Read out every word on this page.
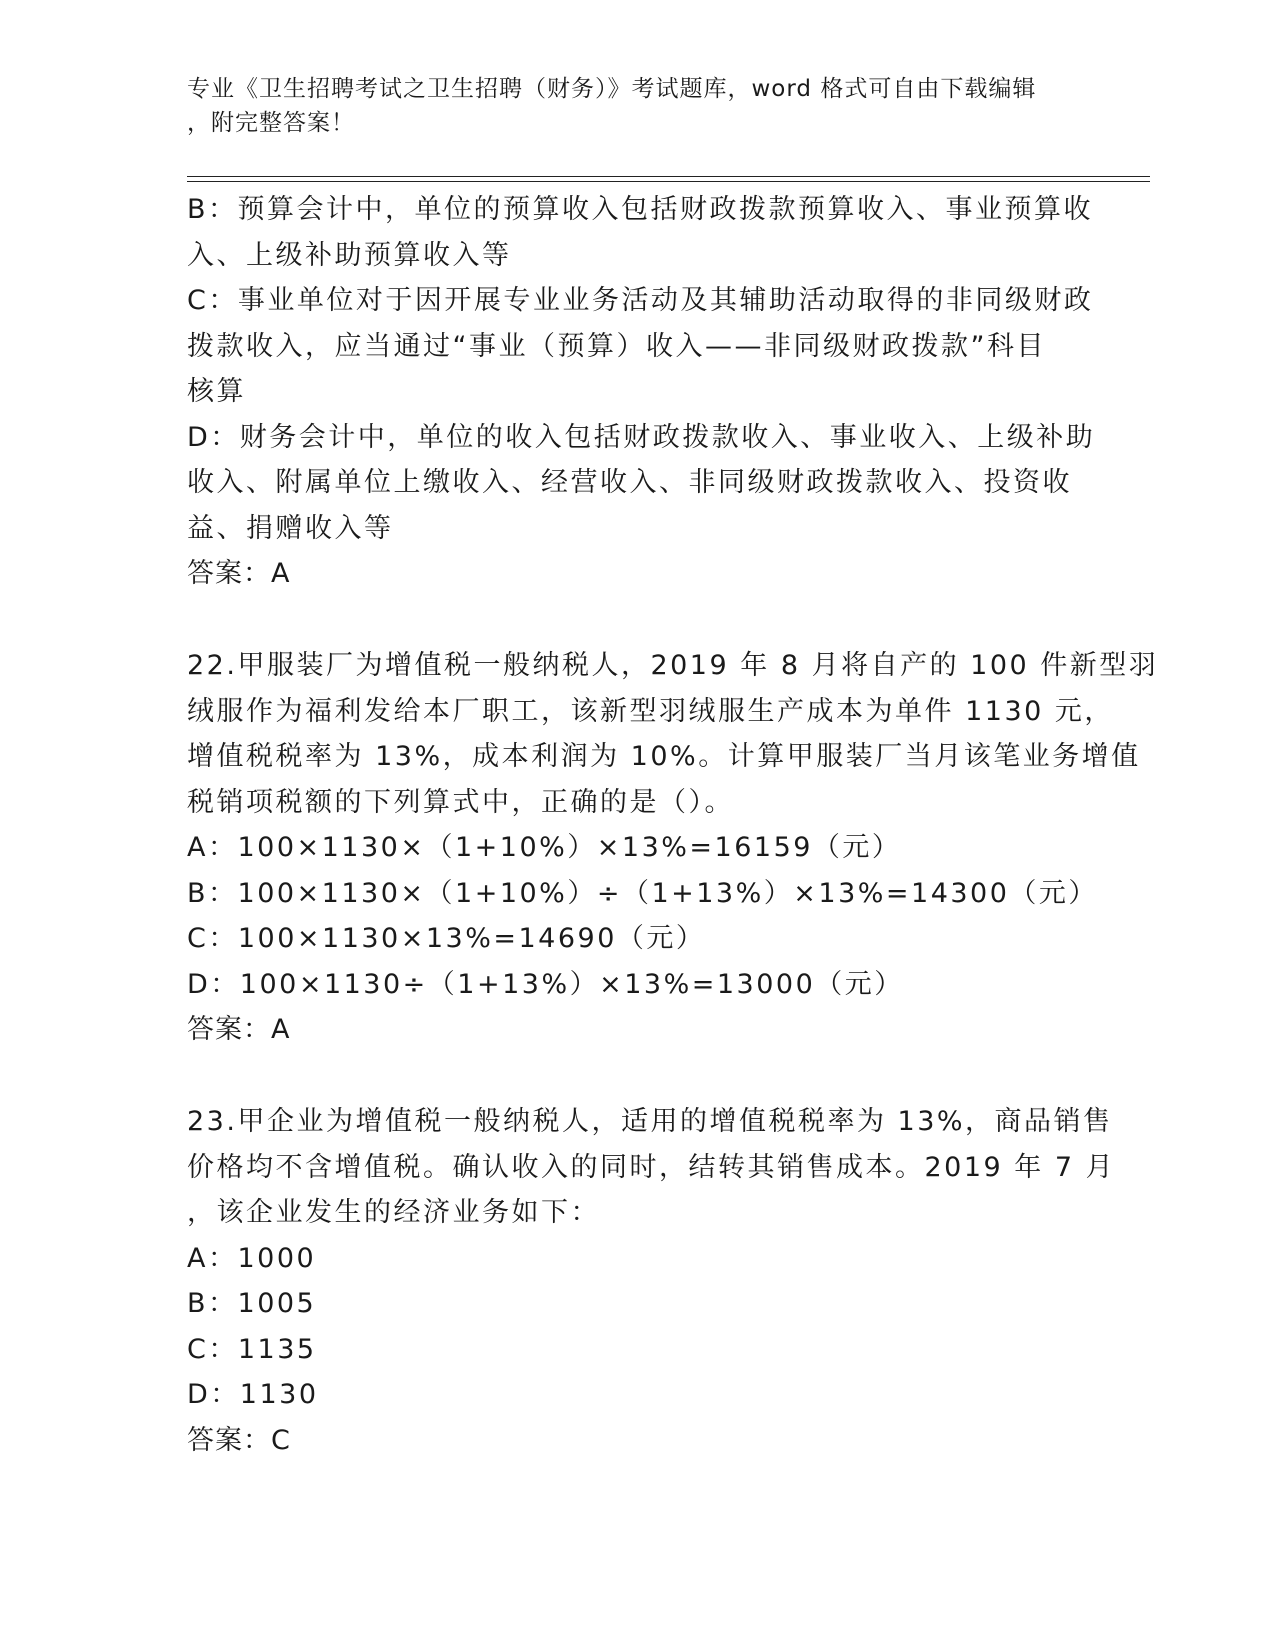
专业《卫生招聘考试之卫生招聘（财务）》考试题库，word 格式可自由下载编辑
，附完整答案！
B：预算会计中，单位的预算收入包括财政拨款预算收入、事业预算收
入、上级补助预算收入等
C：事业单位对于因开展专业业务活动及其辅助活动取得的非同级财政
拨款收入，应当通过“事业（预算）收入——非同级财政拨款”科目
核算
D：财务会计中，单位的收入包括财政拨款收入、事业收入、上级补助
收入、附属单位上缴收入、经营收入、非同级财政拨款收入、投资收
益、捐赠收入等
答案：A
22.甲服装厂为增值税一般纳税人，2019 年 8 月将自产的 100 件新型羽
绒服作为福利发给本厂职工，该新型羽绒服生产成本为单件 1130 元，
增值税税率为 13%，成本利润为 10%。计算甲服装厂当月该笔业务增值
税销项税额的下列算式中，正确的是（）。
A：100×1130×（1+10%）×13%=16159（元）
B：100×1130×（1+10%）÷（1+13%）×13%=14300（元）
C：100×1130×13%=14690（元）
D：100×1130÷（1+13%）×13%=13000（元）
答案：A
23.甲企业为增值税一般纳税人，适用的增值税税率为 13%，商品销售
价格均不含增值税。确认收入的同时，结转其销售成本。2019 年 7 月
，该企业发生的经济业务如下：
A：1000
B：1005
C：1135
D：1130
答案：C
